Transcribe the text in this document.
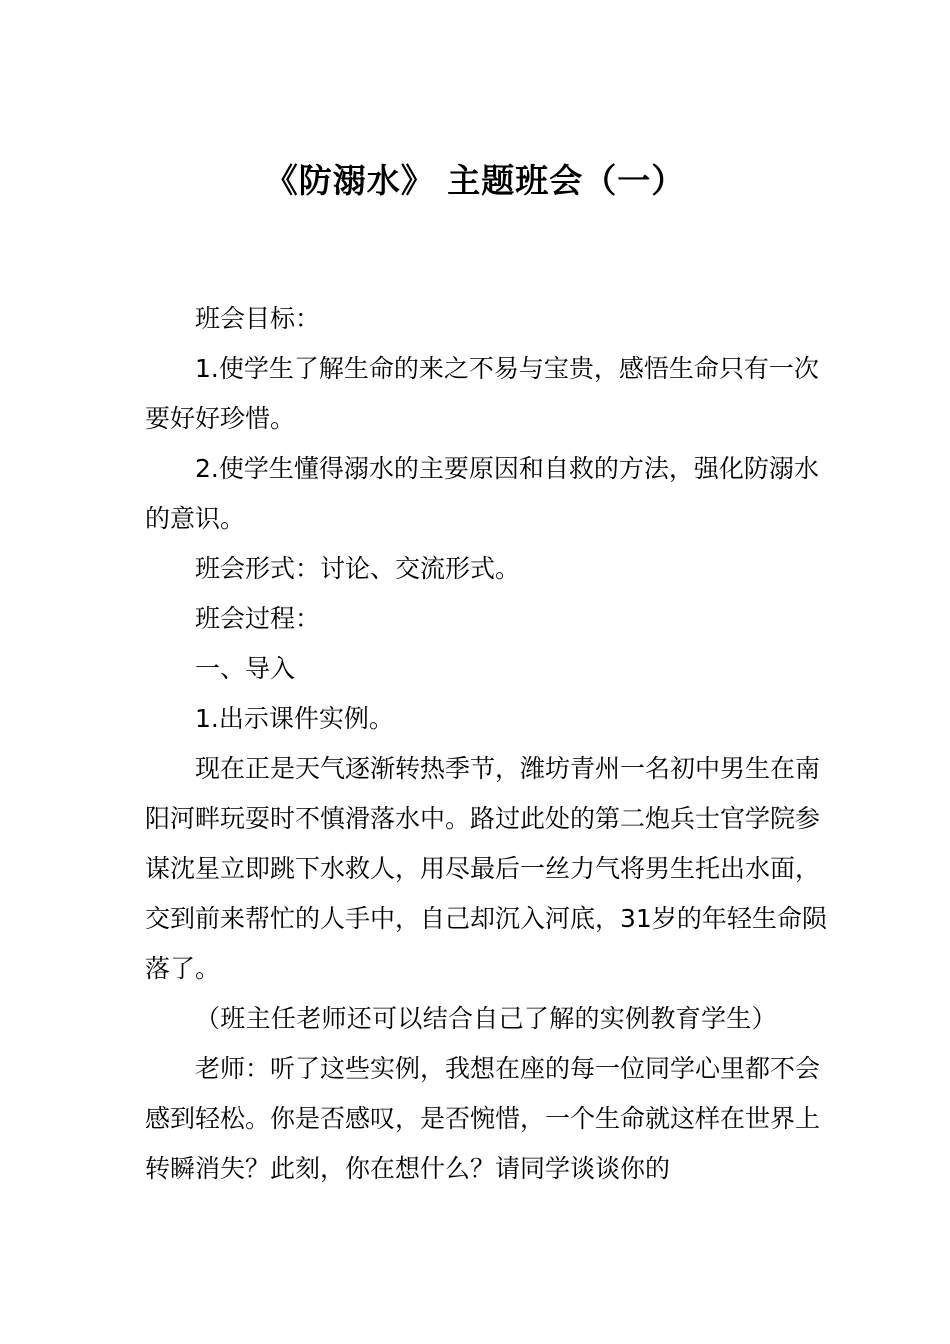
《防溺水》 主题班会（一）

班会目标：

1.使学生了解生命的来之不易与宝贵，感悟生命只有一次要好好珍惜。

2.使学生懂得溺水的主要原因和自救的方法，强化防溺水的意识。

班会形式：讨论、交流形式。

班会过程：

一、导入

1.出示课件实例。

现在正是天气逐渐转热季节，潍坊青州一名初中男生在南阳河畔玩耍时不慎滑落水中。路过此处的第二炮兵士官学院参谋沈星立即跳下水救人，用尽最后一丝力气将男生托出水面，交到前来帮忙的人手中，自己却沉入河底，31岁的年轻生命陨落了。

（班主任老师还可以结合自己了解的实例教育学生）

老师：听了这些实例，我想在座的每一位同学心里都不会感到轻松。你是否感叹，是否惋惜，一个生命就这样在世界上转瞬消失？此刻，你在想什么？请同学谈谈你的
